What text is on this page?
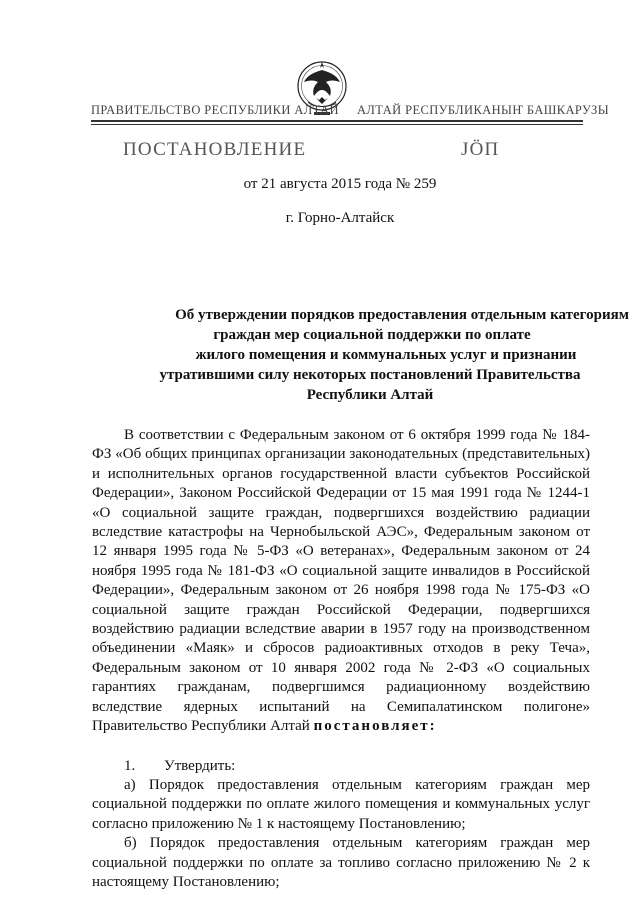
ПРАВИТЕЛЬСТВО РЕСПУБЛИКИ АЛТАЙ АЛТАЙ РЕСПУБЛИКАНЫҤ БАШКАРУЗЫ
ПОСТАНОВЛЕНИЕ	ЈӦП
от 21 августа 2015 года № 259
г. Горно-Алтайск
Об утверждении порядков предоставления отдельным категориям
граждан мер социальной поддержки по оплате
жилого помещения и коммунальных услуг и признании
утратившими силу некоторых постановлений Правительства
Республики Алтай

В соответствии с Федеральным законом от 6 октября 1999 года № 184-ФЗ «Об общих принципах организации законодательных (представительных) и исполнительных органов государственной власти субъектов Российской Федерации», Законом Российской Федерации от 15 мая 1991 года № 1244-1 «О социальной защите граждан, подвергшихся воздействию радиации вследствие катастрофы на Чернобыльской АЭС», Федеральным законом от 12 января 1995 года № 5-ФЗ «О ветеранах», Федеральным законом от 24 ноября 1995 года № 181-ФЗ «О социальной защите инвалидов в Российской Федерации», Федеральным законом от 26 ноября 1998 года № 175-ФЗ «О социальной защите граждан Российской Федерации, подвергшихся воздействию радиации вследствие аварии в 1957 году на производственном объединении «Маяк» и сбросов радиоактивных отходов в реку Теча», Федеральным законом от 10 января 2002 года № 2-ФЗ «О социальных гарантиях гражданам, подвергшимся радиационному воздействию вследствие ядерных испытаний на Семипалатинском полигоне» Правительство Республики Алтай постановляет:

1. Утвердить:

а) Порядок предоставления отдельным категориям граждан мер социальной поддержки по оплате жилого помещения и коммунальных услуг согласно приложению № 1 к настоящему Постановлению;

б) Порядок предоставления отдельным категориям граждан мер социальной поддержки по оплате за топливо согласно приложению № 2 к настоящему Постановлению;
